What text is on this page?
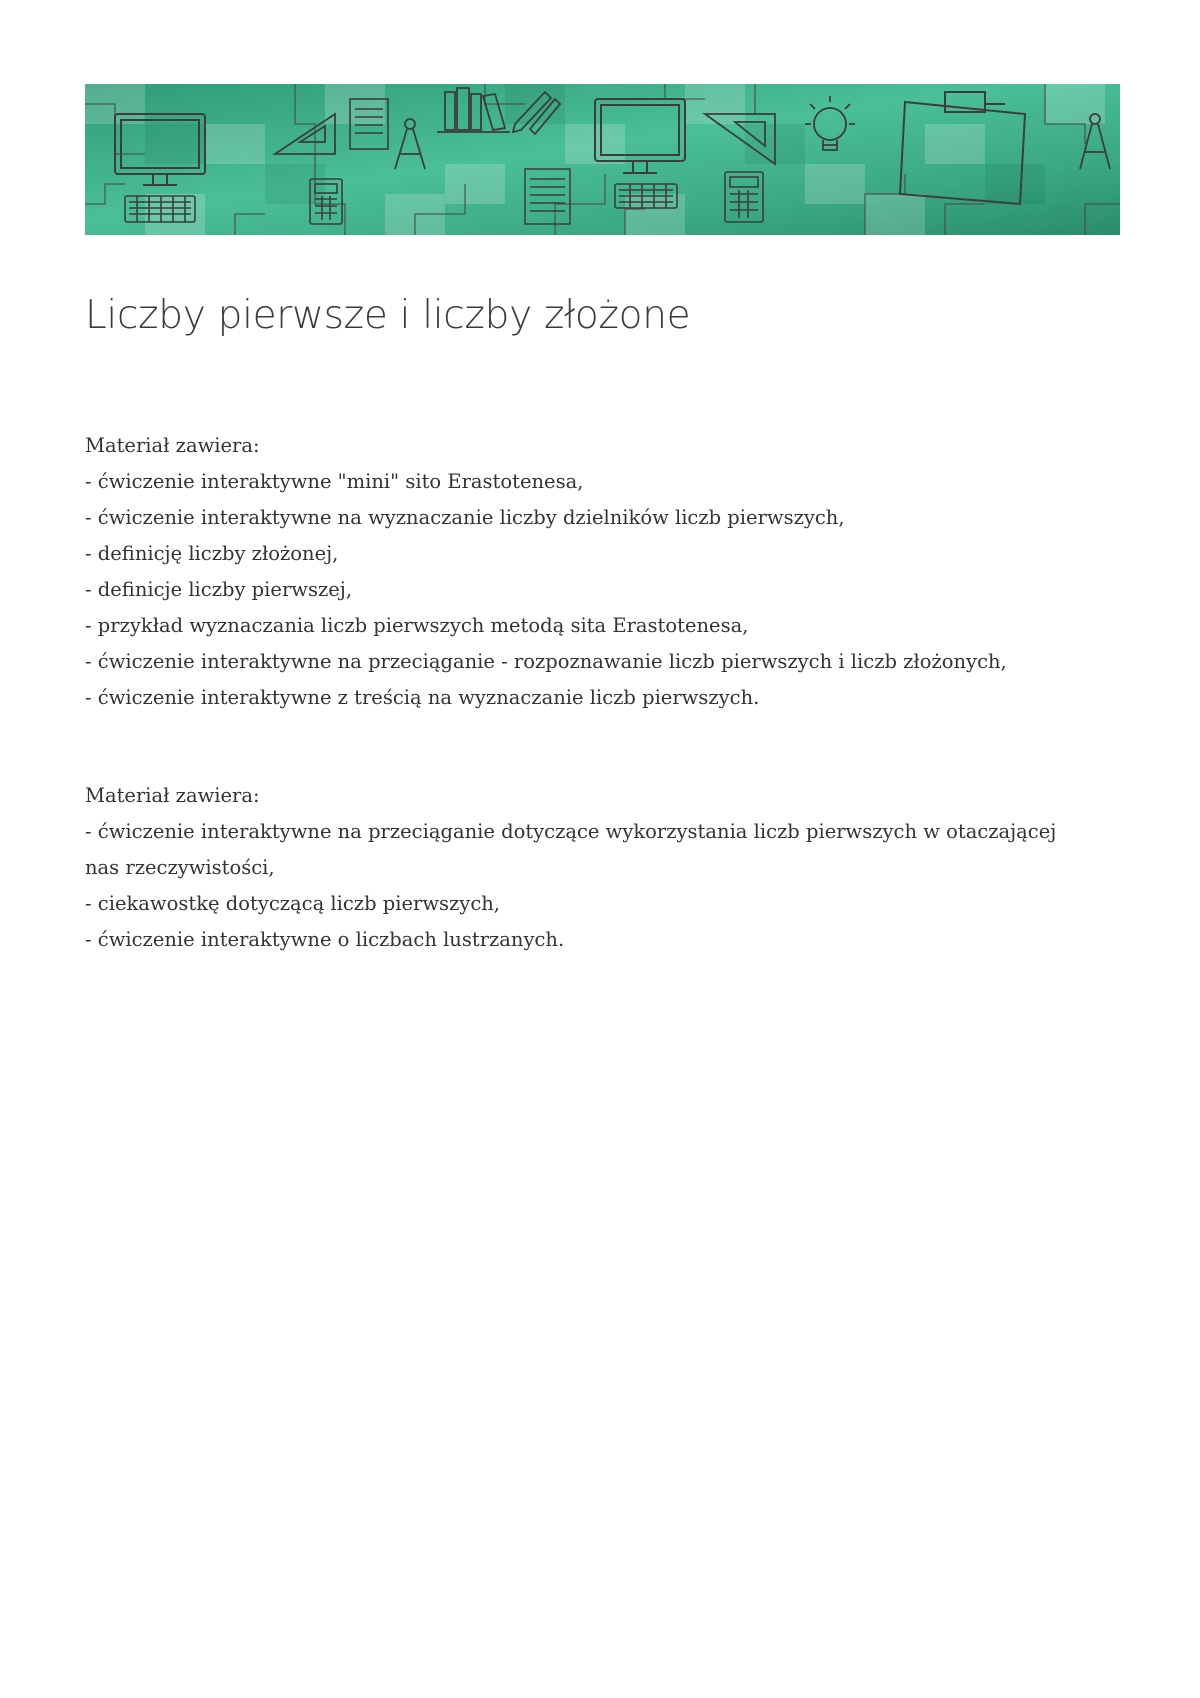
Liczby pierwsze i liczby złożone

Materiał zawiera:

- ćwiczenie interaktywne "mini" sito Erastotenesa,
- ćwiczenie interaktywne na wyznaczanie liczby dzielników liczb pierwszych,
- definicję liczby złożonej,
- definicje liczby pierwszej,
- przykład wyznaczania liczb pierwszych metodą sita Erastotenesa,
- ćwiczenie interaktywne na przeciąganie - rozpoznawanie liczb pierwszych i liczb złożonych,
- ćwiczenie interaktywne z treścią na wyznaczanie liczb pierwszych.

Materiał zawiera:

- ćwiczenie interaktywne na przeciąganie dotyczące wykorzystania liczb pierwszych w otaczającej nas rzeczywistości,
- ciekawostkę dotyczącą liczb pierwszych,
- ćwiczenie interaktywne o liczbach lustrzanych.
